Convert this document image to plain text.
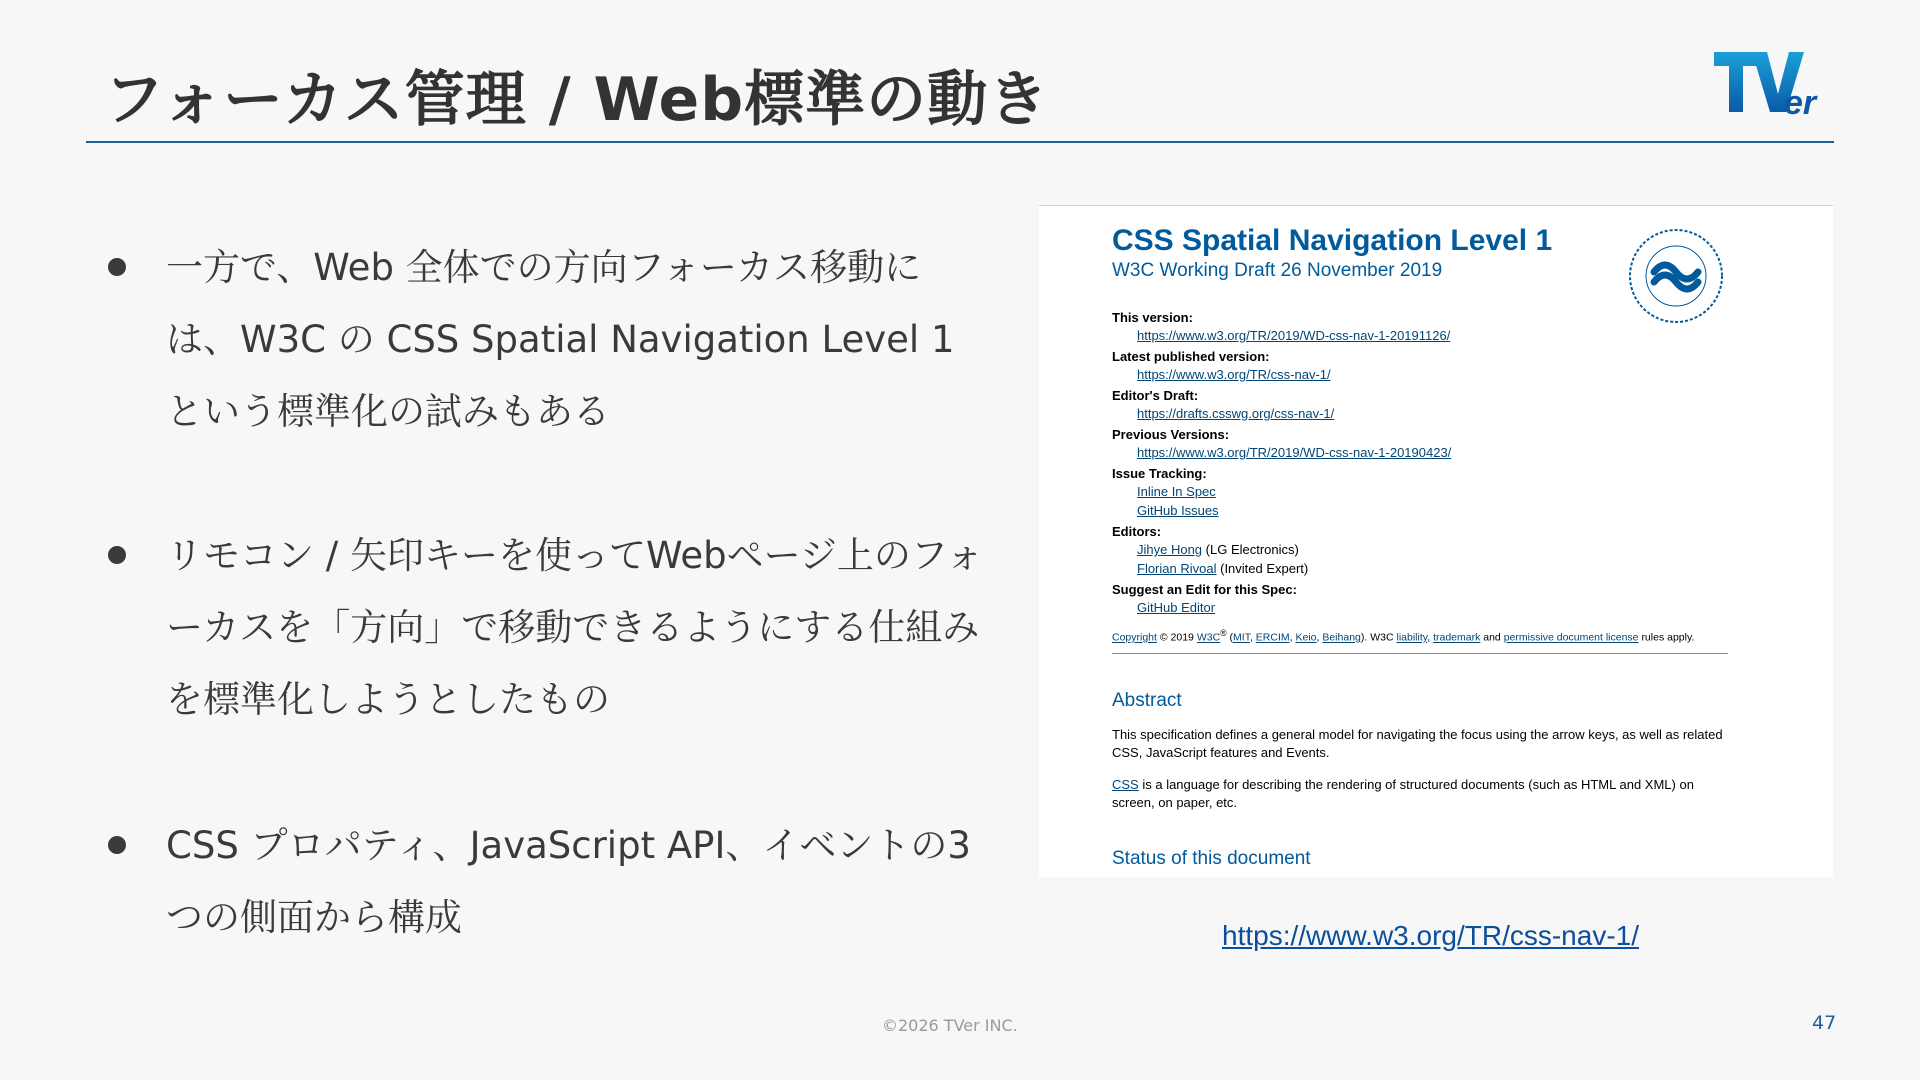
フォーカス管理 / Web標準の動き	er
一方で、Web 全体での方向フォーカス移動には、W3C の CSS Spatial Navigation Level 1 という標準化の試みもある
リモコン / 矢印キーを使ってWebページ上のフォーカスを「方向」で移動できるようにする仕組みを標準化しようとしたもの
CSS プロパティ、JavaScript API、イベントの3つの側面から構成
CSS Spatial Navigation Level 1
W3C Working Draft 26 November 2019
This version:
https://www.w3.org/TR/2019/WD-css-nav-1-20191126/
Latest published version:
https://www.w3.org/TR/css-nav-1/
Editor's Draft:
https://drafts.csswg.org/css-nav-1/
Previous Versions:
https://www.w3.org/TR/2019/WD-css-nav-1-20190423/
Issue Tracking:
Inline In Spec
GitHub Issues
Editors:
Jihye Hong (LG Electronics)
Florian Rivoal (Invited Expert)
Suggest an Edit for this Spec:
GitHub Editor
Copyright © 2019 W3C® (MIT, ERCIM, Keio, Beihang). W3C liability, trademark and permissive document license rules apply.
Abstract
This specification defines a general model for navigating the focus using the arrow keys, as well as related CSS, JavaScript features and Events.
CSS is a language for describing the rendering of structured documents (such as HTML and XML) on screen, on paper, etc.
Status of this document
https://www.w3.org/TR/css-nav-1/
©2026 TVer INC.	47
